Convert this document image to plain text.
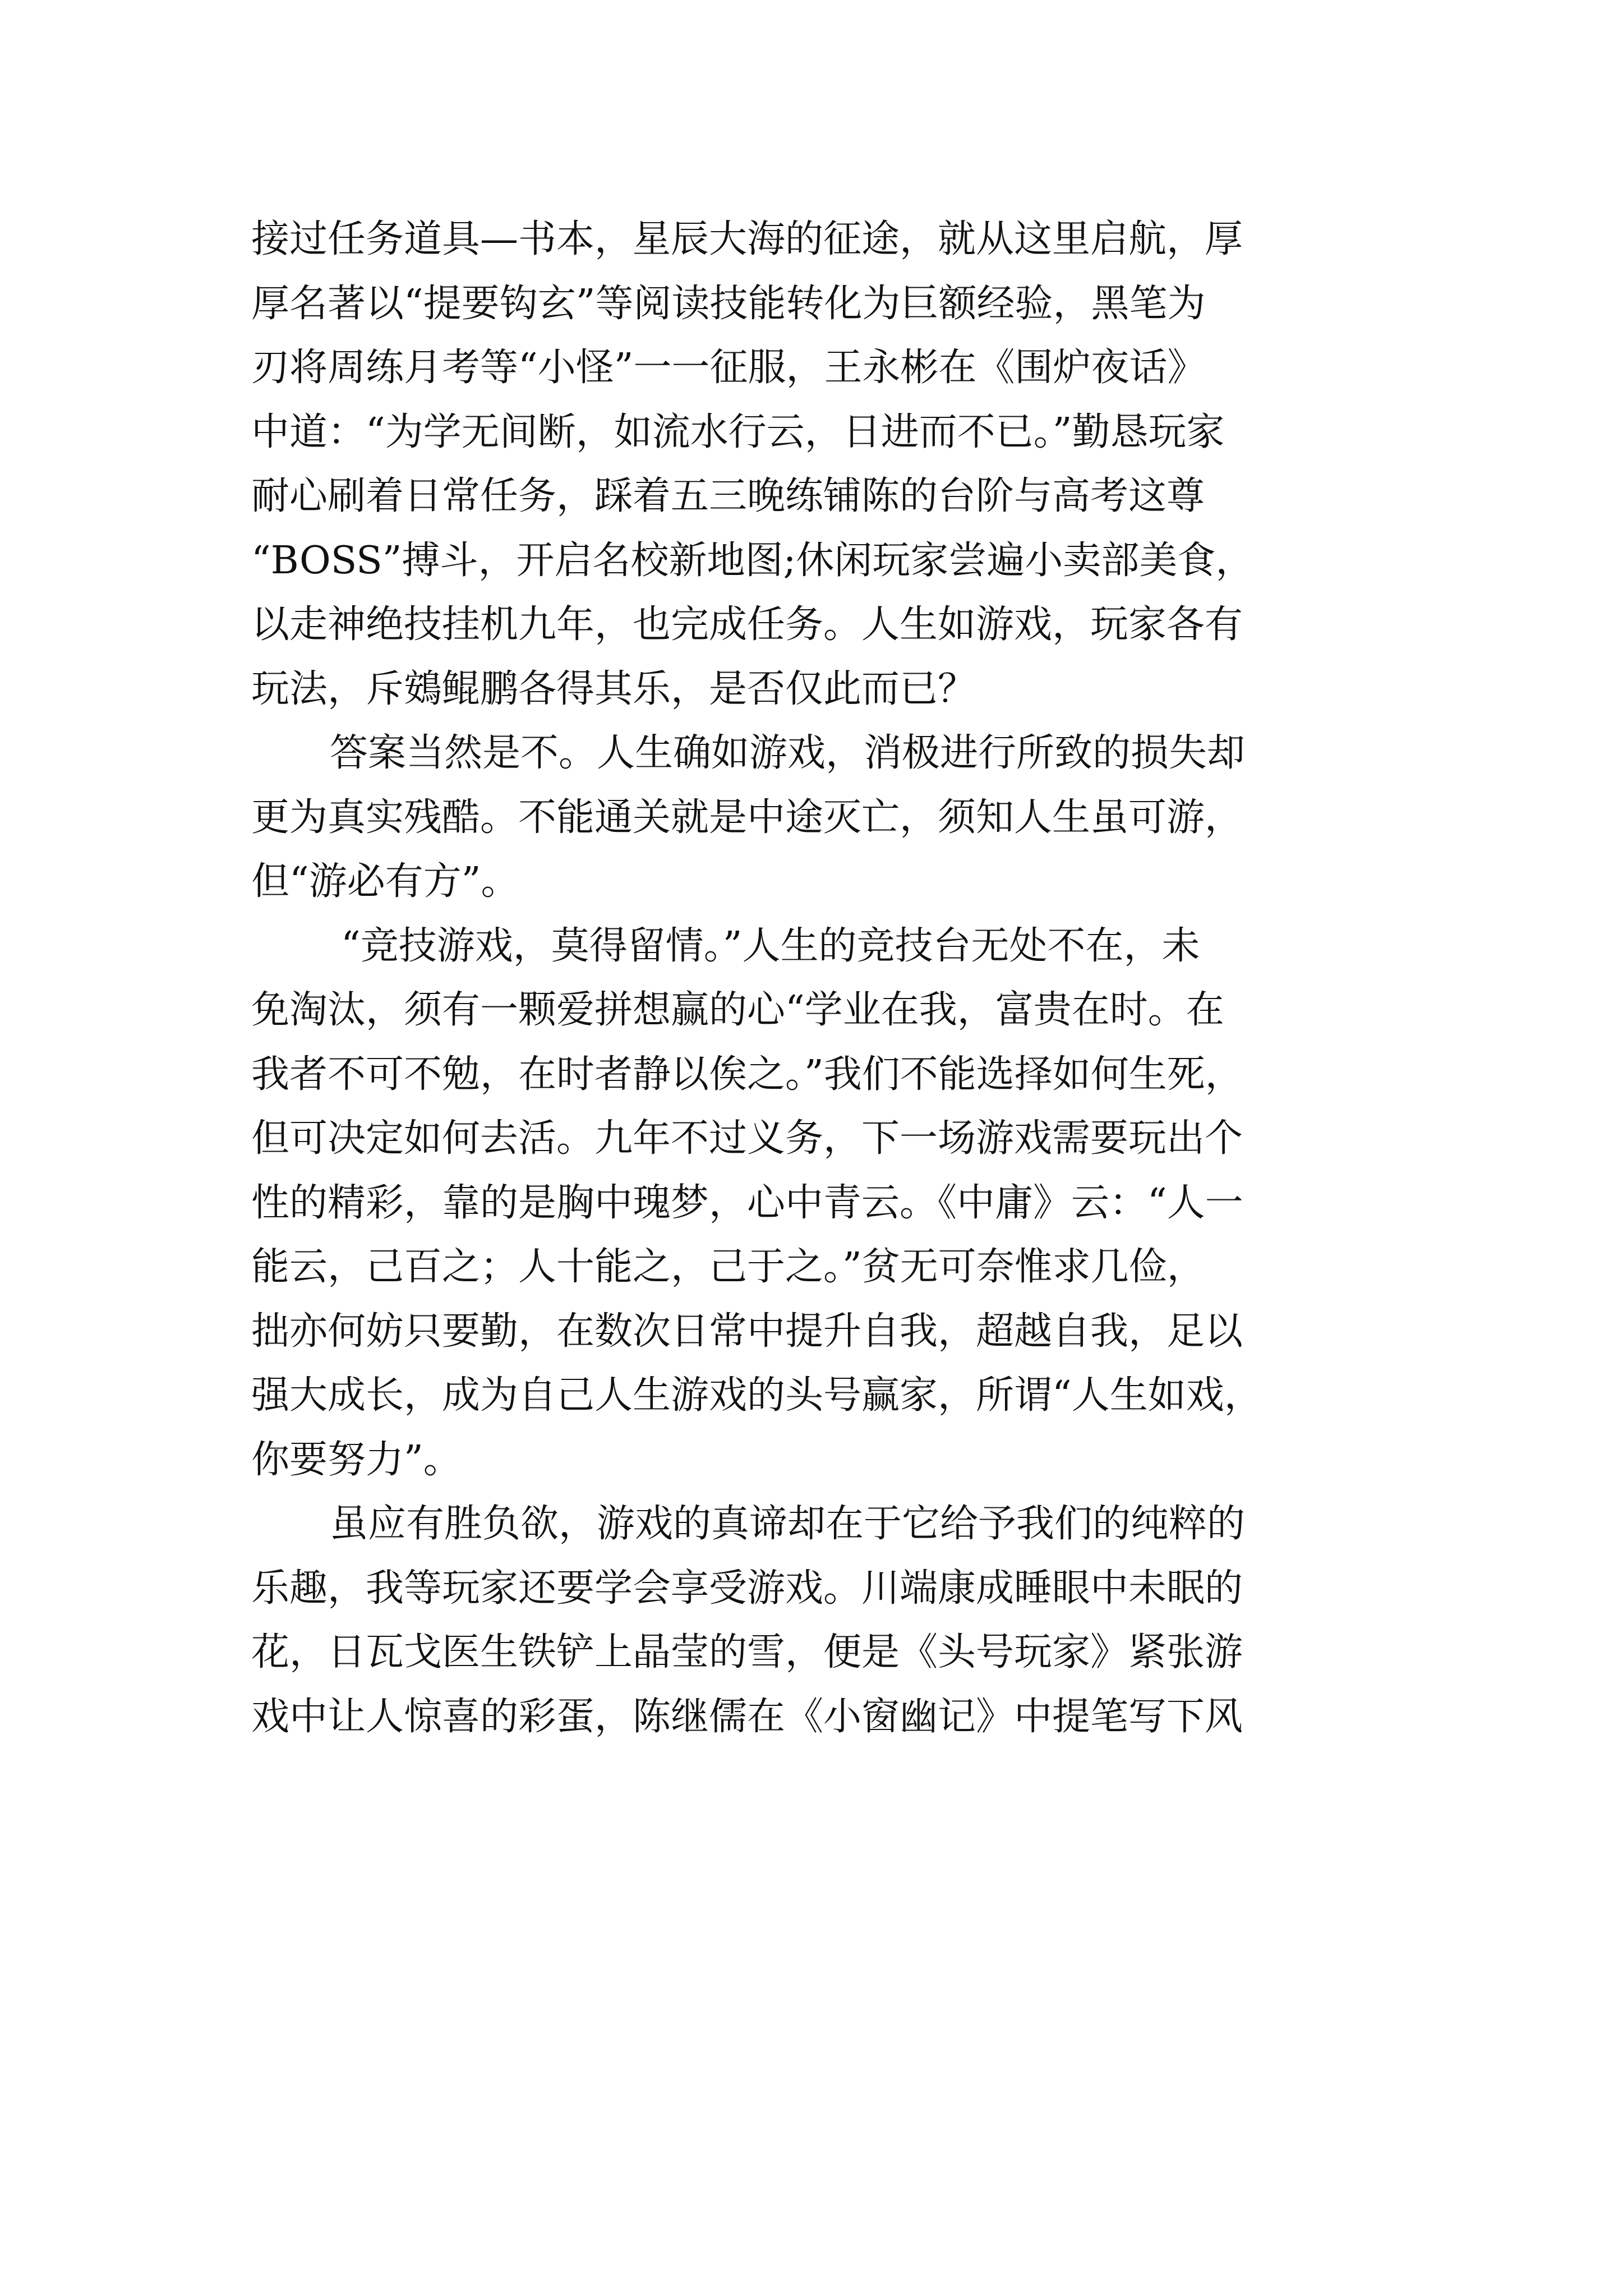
接过任务道具—书本，星辰大海的征途，就从这里启航，厚
厚名著以“提要钩玄”等阅读技能转化为巨额经验，黑笔为
刃将周练月考等“小怪”一一征服，王永彬在《围炉夜话》
中道：“为学无间断，如流水行云，日进而不已。”勤恳玩家
耐心刷着日常任务，踩着五三晚练铺陈的台阶与高考这尊
“BOSS”搏斗，开启名校新地图;休闲玩家尝遍小卖部美食，
以走神绝技挂机九年，也完成任务。人生如游戏，玩家各有
玩法，斥鴳鲲鹏各得其乐，是否仅此而已？
答案当然是不。人生确如游戏，消极进行所致的损失却
更为真实残酷。不能通关就是中途灭亡，须知人生虽可游，
但“游必有方”。
“竞技游戏，莫得留情。”人生的竞技台无处不在，未
免淘汰，须有一颗爱拼想赢的心“学业在我，富贵在时。在
我者不可不勉，在时者静以俟之。”我们不能选择如何生死，
但可决定如何去活。九年不过义务，下一场游戏需要玩出个
性的精彩，靠的是胸中瑰梦，心中青云。《中庸》云：“人一
能云，己百之；人十能之，己于之。”贫无可奈惟求几俭，
拙亦何妨只要勤，在数次日常中提升自我，超越自我，足以
强大成长，成为自己人生游戏的头号赢家，所谓“人生如戏，
你要努力”。
虽应有胜负欲，游戏的真谛却在于它给予我们的纯粹的
乐趣，我等玩家还要学会享受游戏。川端康成睡眼中未眠的
花，日瓦戈医生铁铲上晶莹的雪，便是《头号玩家》紧张游
戏中让人惊喜的彩蛋，陈继儒在《小窗幽记》中提笔写下风
